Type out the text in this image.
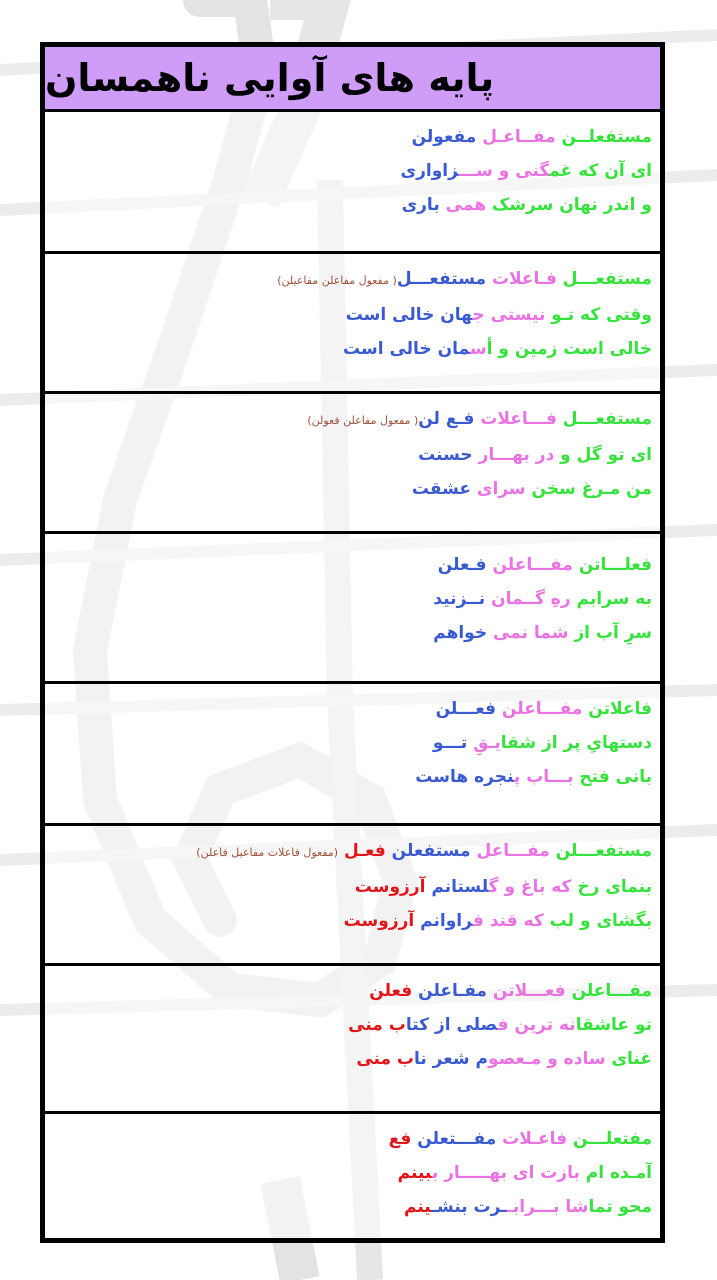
پایه های آوایی ناهمسان
مستفعلــن مفــاعـل مفعولن
ای آن که غمگنی و ســـزاواری
و اندر نهان سرشک همی باری
مستفعـــل فـاعلات مستفعـــل( مفعول مفاعلن مفاعیلن)
وقتی که تـو نیستی جهان خالی است
خالی است زمین و أسمان خالی است
مستفعـــل فـــاعلات فـع لن( مفعول مفاعلن فعولن)
ای تو گل و در بهـــار حسنت
من مـرغ سخن سرای عشقت
فعلـــاتن مفـــاعلن فـعلن
به سرابم رهِ گــمان نــزنید
سرِ آب از شما نمی خواهم
فاعلاتن مفـــاعلن فعـــلن
دستهایِ پر از شقایـقِ تـــو
بانی فتح بـــاب پنجره هاست
مستفعـــلن مفـــاعل مستفعلن فعـل (مفعول فاعلات مفاعیل فاعلن)
بنمای رخ که باغ و گلستانم آرزوست
بگشای و لب که قند فراوانم آرزوست
مفـــاعلن فعـــلاتن مفـاعلن فعلن
تو عاشقانه ترین فصلی از کتاب منی
غنای ساده و مـعصوم شعر ناب منی
مفتعلـــن فاعـلات مفـــتعلن فع
آمـده ام بازت ای بهـــــار ببینم
محو تماشا بـــرابــرت بنشـینم
